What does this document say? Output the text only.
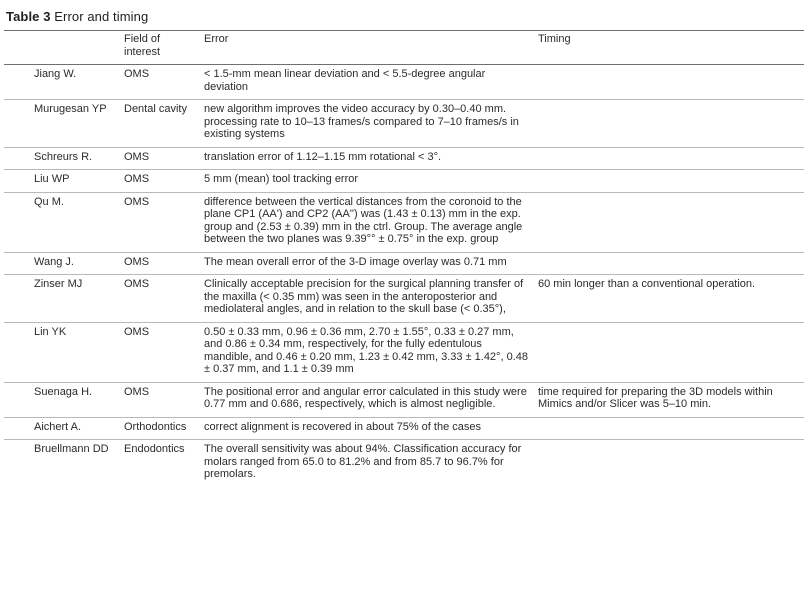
Table 3 Error and timing
	Field of interest	Error	Timing
Jiang W.	OMS	< 1.5-mm mean linear deviation and < 5.5-degree angular deviation	
Murugesan YP	Dental cavity	new algorithm improves the video accuracy by 0.30–0.40 mm. processing rate to 10–13 frames/s compared to 7–10 frames/s in existing systems	
Schreurs R.	OMS	translation error of 1.12–1.15 mm rotational < 3°.	
Liu WP	OMS	5 mm (mean) tool tracking error	
Qu M.	OMS	difference between the vertical distances from the coronoid to the plane CP1 (AA') and CP2 (AA'') was (1.43 ± 0.13) mm in the exp. group and (2.53 ± 0.39) mm in the ctrl. Group. The average angle between the two planes was 9.39°° ± 0.75° in the exp. group	
Wang J.	OMS	The mean overall error of the 3-D image overlay was 0.71 mm	
Zinser MJ	OMS	Clinically acceptable precision for the surgical planning transfer of the maxilla (< 0.35 mm) was seen in the anteroposterior and mediolateral angles, and in relation to the skull base (< 0.35°),	60 min longer than a conventional operation.
Lin YK	OMS	0.50 ± 0.33 mm, 0.96 ± 0.36 mm, 2.70 ± 1.55°, 0.33 ± 0.27 mm, and 0.86 ± 0.34 mm, respectively, for the fully edentulous mandible, and 0.46 ± 0.20 mm, 1.23 ± 0.42 mm, 3.33 ± 1.42°, 0.48 ± 0.37 mm, and 1.1 ± 0.39 mm	
Suenaga H.	OMS	The positional error and angular error calculated in this study were 0.77 mm and 0.686, respectively, which is almost negligible.	time required for preparing the 3D models within Mimics and/or Slicer was 5–10 min.
Aichert A.	Orthodontics	correct alignment is recovered in about 75% of the cases	
Bruellmann DD	Endodontics	The overall sensitivity was about 94%. Classification accuracy for molars ranged from 65.0 to 81.2% and from 85.7 to 96.7% for premolars.	
